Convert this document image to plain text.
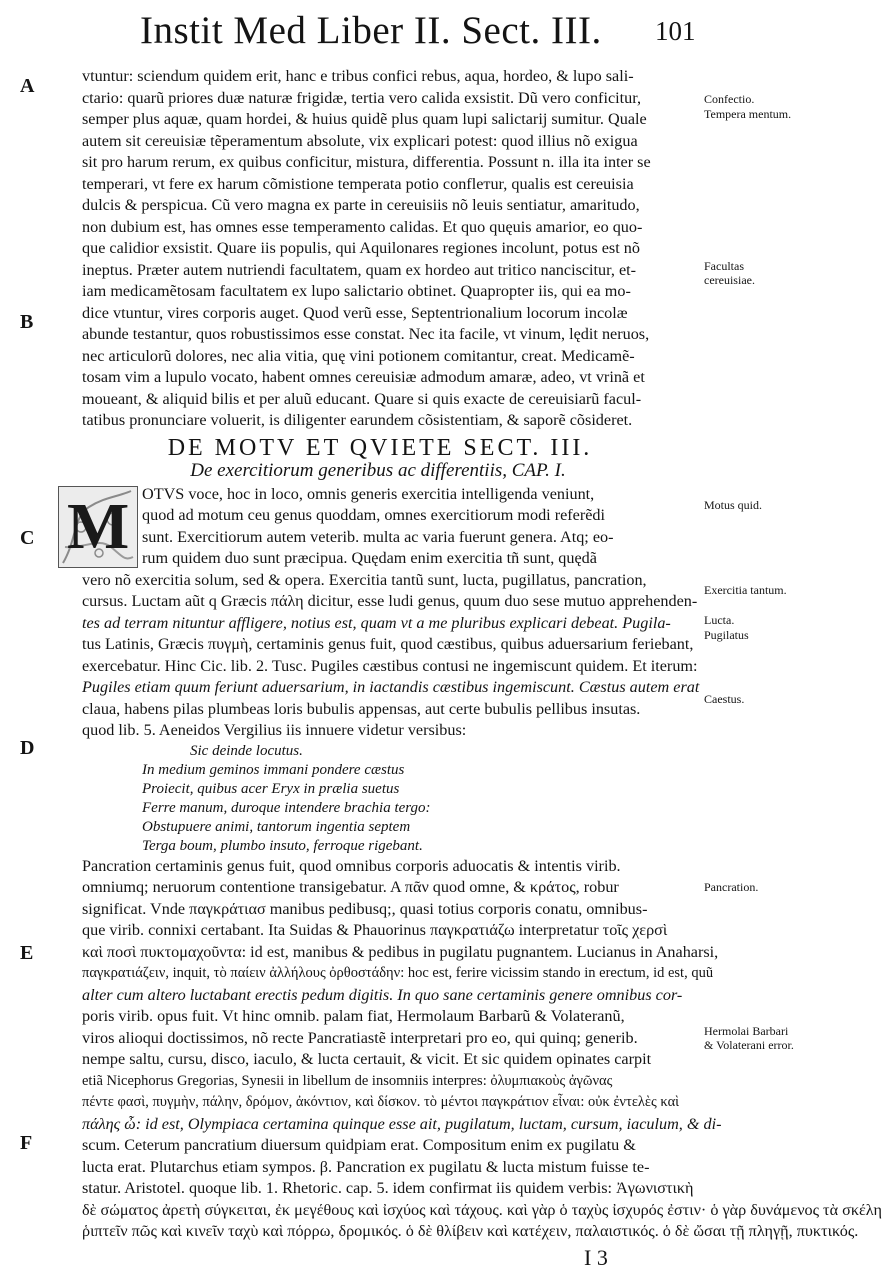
Instit Med Liber II. Sect. III. 101
A
B
C
D
E
F
Confectio.
Tempera mentum.
Facultas cereuisiae.
Motus quid.
Exercitia tantum.
Lucta.
Pugilatus
Caestus.
Pancration.
Hermolai Barbari & Volaterani error.
M
vtuntur: sciendum quidem erit, hanc e tribus confici rebus, aqua, hordeo, & lupo sali-
ctario: quarũ priores duæ naturæ frigidæ, tertia vero calida exsistit. Dũ vero conficitur,
semper plus aquæ, quam hordei, & huius quidẽ plus quam lupi salictarij sumitur. Quale
autem sit cereuisiæ tẽperamentum absolute, vix explicari potest: quod illius nõ exigua
sit pro harum rerum, ex quibus conficitur, mistura, differentia. Possunt n. illa ita inter se
temperari, vt fere ex harum cõmistione temperata potio conflетur, qualis est cereuisia
dulcis & perspicua. Cũ vero magna ex parte in cereuisiis nõ leuis sentiatur, amaritudo,
non dubium est, has omnes esse temperamento calidas. Et quo quęuis amarior, eo quo-
que calidior exsistit. Quare iis populis, qui Aquilonares regiones incolunt, potus est nõ
ineptus. Præter autem nutriendi facultatem, quam ex hordeo aut tritico nanciscitur, et-
iam medicamẽtosam facultatem ex lupo salictario obtinet. Quapropter iis, qui ea mo-
dice vtuntur, vires corporis auget. Quod verũ esse, Septentrionalium locorum incolæ
abunde testantur, quos robustissimos esse constat. Nec ita facile, vt vinum, lędit neruos,
nec articulorũ dolores, nec alia vitia, quę vini potionem comitantur, creat. Medicamẽ-
tosam vim a lupulo vocato, habent omnes cereuisiæ admodum amaræ, adeo, vt vrinã et
moueant, & aliquid bilis et per aluũ educant. Quare si quis exacte de cereuisiarũ facul-
tatibus pronunciare voluerit, is diligenter earundem cõsistentiam, & saporẽ cõsideret.
DE MOTV ET QVIETE SECT. III.
De exercitiorum generibus ac differentiis, CAP. I.
OTVS voce, hoc in loco, omnis generis exercitia intelligenda veniunt,
quod ad motum ceu genus quoddam, omnes exercitiorum modi referẽdi
sunt. Exercitiorum autem veterib. multa ac varia fuerunt genera. Atq; eo-
rum quidem duo sunt præcipua. Quędam enim exercitia tñ sunt, quędã
vero nõ exercitia solum, sed & opera. Exercitia tantũ sunt, lucta, pugillatus, pancration,
cursus. Luctam aũt q Græcis πάλη dicitur, esse ludi genus, quum duo sese mutuo apprehenden-
tes ad terram nituntur affligere, notius est, quam vt a me pluribus explicari debeat. Pugila-
tus Latinis, Græcis πυγμὴ, certaminis genus fuit, quod cæstibus, quibus aduersarium feriebant,
exercebatur. Hinc Cic. lib. 2. Tusc. Pugiles cæstibus contusi ne ingemiscunt quidem. Et iterum:
Pugiles etiam quum feriunt aduersarium, in iactandis cæstibus ingemiscunt. Cæstus autem erat
claua, habens pilas plumbeas loris bubulis appensas, aut certe bubulis pellibus insutas.
quod lib. 5. Aeneidos Vergilius iis innuere videtur versibus:
Sic deinde locutus.
In medium geminos immani pondere cæstus
Proiecit, quibus acer Eryx in prælia suetus
Ferre manum, duroque intendere brachia tergo:
Obstupuere animi, tantorum ingentia septem
Terga boum, plumbo insuto, ferroque rigebant.
Pancration certaminis genus fuit, quod omnibus corporis aduocatis & intentis virib.
omniumq; neruorum contentione transigebatur. A πᾶν quod omne, & κράτος, robur
significat. Vnde παγκράτιασ manibus pedibusq;, quasi totius corporis conatu, omnibus-
que virib. connixi certabant. Ita Suidas & Phauorinus παγκρατιάζω interpretatur τοῖς χερσὶ
καὶ ποσὶ πυκτομαχοῦντα: id est, manibus & pedibus in pugilatu pugnantem. Lucianus in Anaharsi,
παγκρατιάζειν, inquit, τὸ παίειν ἀλλήλους ὀρθοστάδην: hoc est, ferire vicissim stando in erectum, id est, quũ
alter cum altero luctabant erectis pedum digitis. In quo sane certaminis genere omnibus cor-
poris virib. opus fuit. Vt hinc omnib. palam fiat, Hermolaum Barbarũ & Volateranũ,
viros alioqui doctissimos, nõ recte Pancratiastẽ interpretari pro eo, qui quinq; generib.
nempe saltu, cursu, disco, iaculo, & lucta certauit, & vicit. Et sic quidem opinates carpit
etiã Nicephorus Gregorias, Synesii in libellum de insomniis interpres: ὀλυμπιακοὺς ἀγῶνας
πέντε φασὶ, πυγμὴν, πάλην, δρόμον, ἀκόντιον, καὶ δίσκον. τὸ μέντοι παγκράτιον εἶναι: οὐκ ἐντελὲς καὶ
πάλης ὦ: id est, Olympiaca certamina quinque esse ait, pugilatum, luctam, cursum, iaculum, & di-
scum. Ceterum pancratium diuersum quidpiam erat. Compositum enim ex pugilatu &
lucta erat. Plutarchus etiam sympos. β. Pancration ex pugilatu & lucta mistum fuisse te-
statur. Aristotel. quoque lib. 1. Rhetoric. cap. 5. idem confirmat iis quidem verbis: Ἀγωνιστικὴ
δὲ σώματος ἀρετὴ σύγκειται, ἐκ μεγέθους καὶ ἰσχύος καὶ τάχους. καὶ γὰρ ὁ ταχὺς ἰσχυρός ἐστιν· ὁ γὰρ δυνάμενος τὰ σκέλη
ῥιπτεῖν πῶς καὶ κινεῖν ταχὺ καὶ πόρρω, δρομικός. ὁ δὲ θλίβειν καὶ κατέχειν, παλαιστικός. ὁ δὲ ὤσαι τῇ πληγῇ, πυκτικός.
I 3
